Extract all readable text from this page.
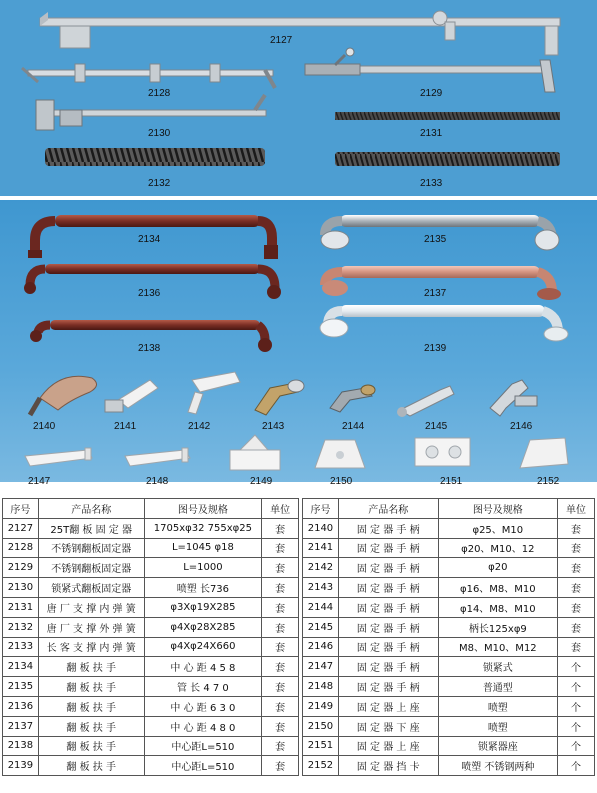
2127
2128	2129
2130	2131
2132	2133
2134	2135
2136	2137
2138	2139
2140	2141	2142	2143	2144	2145	2146
2147	2148	2149	2150	2151	2152
序号	产品名称	图号及规格	单位
2127	25T翻 板 固 定 器	1705xφ32 755xφ25	套
2128	不锈钢翻板固定器	L=1045 φ18	套
2129	不锈钢翻板固定器	L=1000	套
2130	锁紧式翻板固定器	喷塑 长736	套
2131	唐 厂 支 撑 内 弹 簧	φ3Xφ19X285	套
2132	唐 厂 支 撑 外 弹 簧	φ4Xφ28X285	套
2133	长 客 支 撑 内 弹 簧	φ4Xφ24X660	套
2134	翻 板 扶 手	中 心 距 4 5 8	套
2135	翻 板 扶 手	管 长 4 7 0	套
2136	翻 板 扶 手	中 心 距 6 3 0	套
2137	翻 板 扶 手	中 心 距 4 8 0	套
2138	翻 板 扶 手	中心距L=510	套
2139	翻 板 扶 手	中心距L=510	套
序号	产品名称	图号及规格	单位
2140	固 定 器 手 柄	φ25、M10	套
2141	固 定 器 手 柄	φ20、M10、12	套
2142	固 定 器 手 柄	φ20	套
2143	固 定 器 手 柄	φ16、M8、M10	套
2144	固 定 器 手 柄	φ14、M8、M10	套
2145	固 定 器 手 柄	柄长125xφ9	套
2146	固 定 器 手 柄	M8、M10、M12	套
2147	固 定 器 手 柄	锁紧式	个
2148	固 定 器 手 柄	普通型	个
2149	固 定 器 上 座	喷塑	个
2150	固 定 器 下 座	喷塑	个
2151	固 定 器 上 座	锁紧器座	个
2152	固 定 器 挡 卡	喷塑 不锈钢两种	个
